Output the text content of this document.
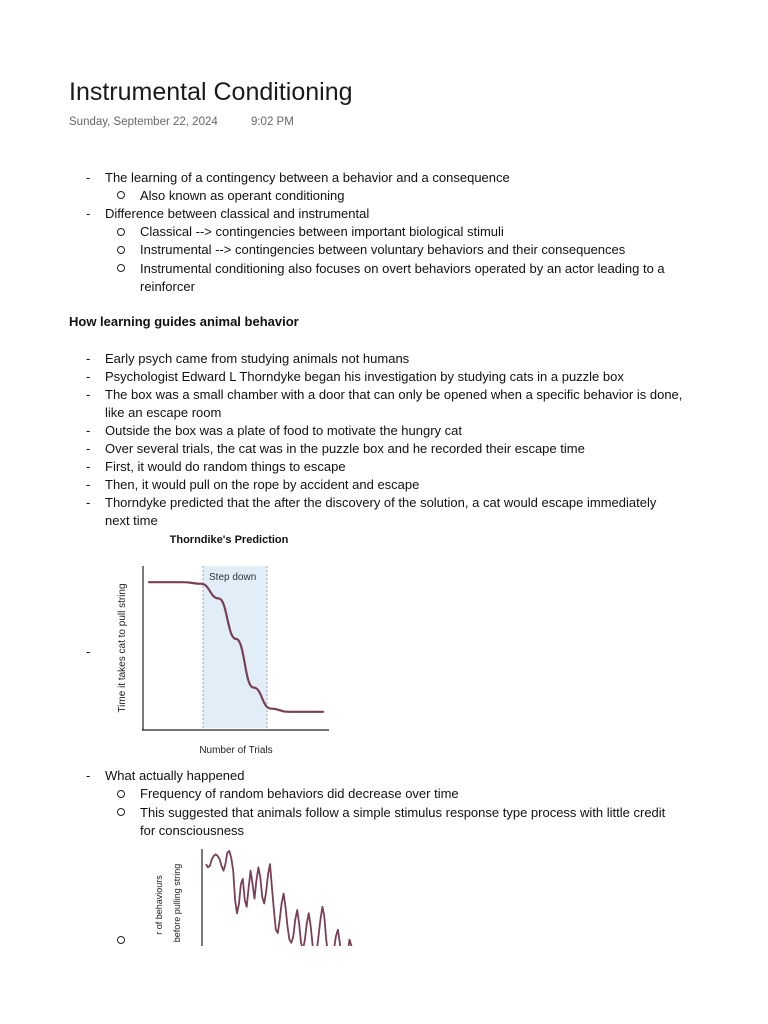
Instrumental Conditioning
Sunday, September 22, 2024	9:02 PM
- The learning of a contingency between a behavior and a consequence
Also known as operant conditioning
- Difference between classical and instrumental
Classical --> contingencies between important biological stimuli
Instrumental --> contingencies between voluntary behaviors and their consequences
Instrumental conditioning also focuses on overt behaviors operated by an actor leading to a
reinforcer
How learning guides animal behavior
- Early psych came from studying animals not humans
- Psychologist Edward L Thorndyke began his investigation by studying cats in a puzzle box
- The box was a small chamber with a door that can only be opened when a specific behavior is done,
like an escape room
- Outside the box was a plate of food to motivate the hungry cat
- Over several trials, the cat was in the puzzle box and he recorded their escape time
- First, it would do random things to escape
- Then, it would pull on the rope by accident and escape
- Thorndyke predicted that the after the discovery of the solution, a cat would escape immediately
next time
-
Thorndike's Prediction
Step down
Number of Trials
Time it takes cat to pull string
- What actually happened
Frequency of random behaviors did decrease over time
This suggested that animals follow a simple stimulus response type process with little credit
for consciousness
r of behaviours before pulling string
